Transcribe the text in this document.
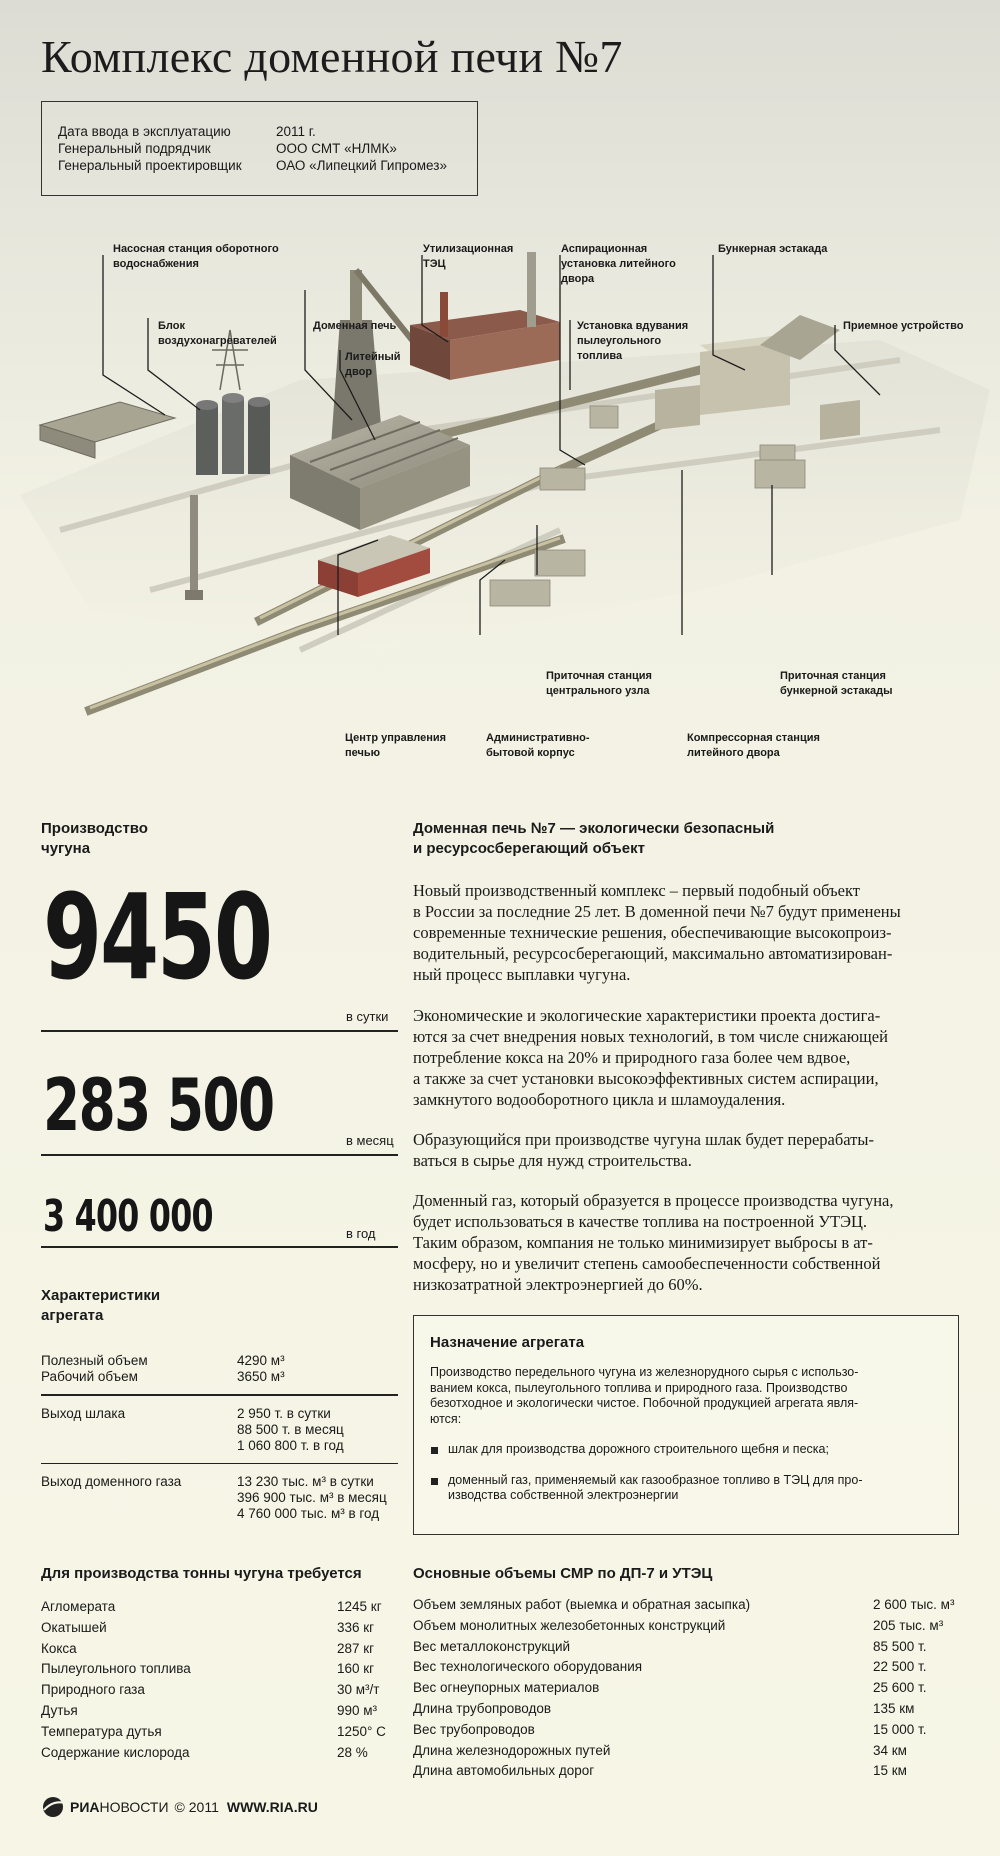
Комплекс доменной печи №7
Дата ввода в эксплуатацию	2011 г.
Генеральный подрядчик	ООО СМТ «НЛМК»
Генеральный проектировщик	ОАО «Липецкий Гипромез»
Насосная станция оборотного
водоснабжения
Блок
воздухонагревателей
Доменная печь
Литейный
двор
Утилизационная
ТЭЦ
Аспирационная
установка литейного
двора
Установка вдувания
пылеугольного
топлива
Бункерная эстакада
Приемное устройство
Приточная станция
центрального узла
Приточная станция
бункерной эстакады
Центр управления
печью
Административно-
бытовой корпус
Компрессорная станция
литейного двора
Производство
чугуна
9450
в сутки
283 500	в месяц
3 400 000	в год
Характеристики
агрегата
Полезный объем	4290 м³
Рабочий объем	3650 м³
Выход шлака	2 950 т. в сутки
88 500 т. в месяц
1 060 800 т. в год
Выход доменного газа	13 230 тыс. м³ в сутки
396 900 тыс. м³ в месяц
4 760 000 тыс. м³ в год
Доменная печь №7 — экологически безопасный
и ресурсосберегающий объект
Новый производственный комплекс – первый подобный объект
в России за последние 25 лет. В доменной печи №7 будут применены
современные технические решения, обеспечивающие высокопроиз-
водительный, ресурсосберегающий, максимально автоматизирован-
ный процесс выплавки чугуна.
Экономические и экологические характеристики проекта достига-
ются за счет внедрения новых технологий, в том числе снижающей
потребление кокса на 20% и природного газа более чем вдвое,
а также за счет установки высокоэффективных систем аспирации,
замкнутого водооборотного цикла и шламоудаления.
Образующийся при производстве чугуна шлак будет перерабаты-
ваться в сырье для нужд строительства.
Доменный газ, который образуется в процессе производства чугуна,
будет использоваться в качестве топлива на построенной УТЭЦ.
Таким образом, компания не только минимизирует выбросы в ат-
мосферу, но и увеличит степень самообеспеченности собственной
низкозатратной электроэнергией до 60%.
Назначение агрегата
Производство передельного чугуна из железнорудного сырья с использо-
ванием кокса, пылеугольного топлива и природного газа. Производство
безотходное и экологически чистое. Побочной продукцией агрегата явля-
ются:
шлак для производства дорожного строительного щебня и песка;
доменный газ, применяемый как газообразное топливо в ТЭЦ для про-
изводства собственной электроэнергии
Для производства тонны чугуна требуется
Агломерата	1245 кг
Окатышей	336 кг
Кокса	287 кг
Пылеугольного топлива	160 кг
Природного газа	30 м³/т
Дутья	990 м³
Температура дутья	1250° С
Содержание кислорода	28 %
Основные объемы СМР по ДП-7 и УТЭЦ
Объем земляных работ (выемка и обратная засыпка)	2 600 тыс. м³
Объем монолитных железобетонных конструкций	205 тыс. м³
Вес металлоконструкций	85 500 т.
Вес технологического оборудования	22 500 т.
Вес огнеупорных материалов	25 600 т.
Длина трубопроводов	135 км
Вес трубопроводов	15 000 т.
Длина железнодорожных путей	34 км
Длина автомобильных дорог	15 км
РИА НОВОСТИ © 2011 WWW.RIA.RU
